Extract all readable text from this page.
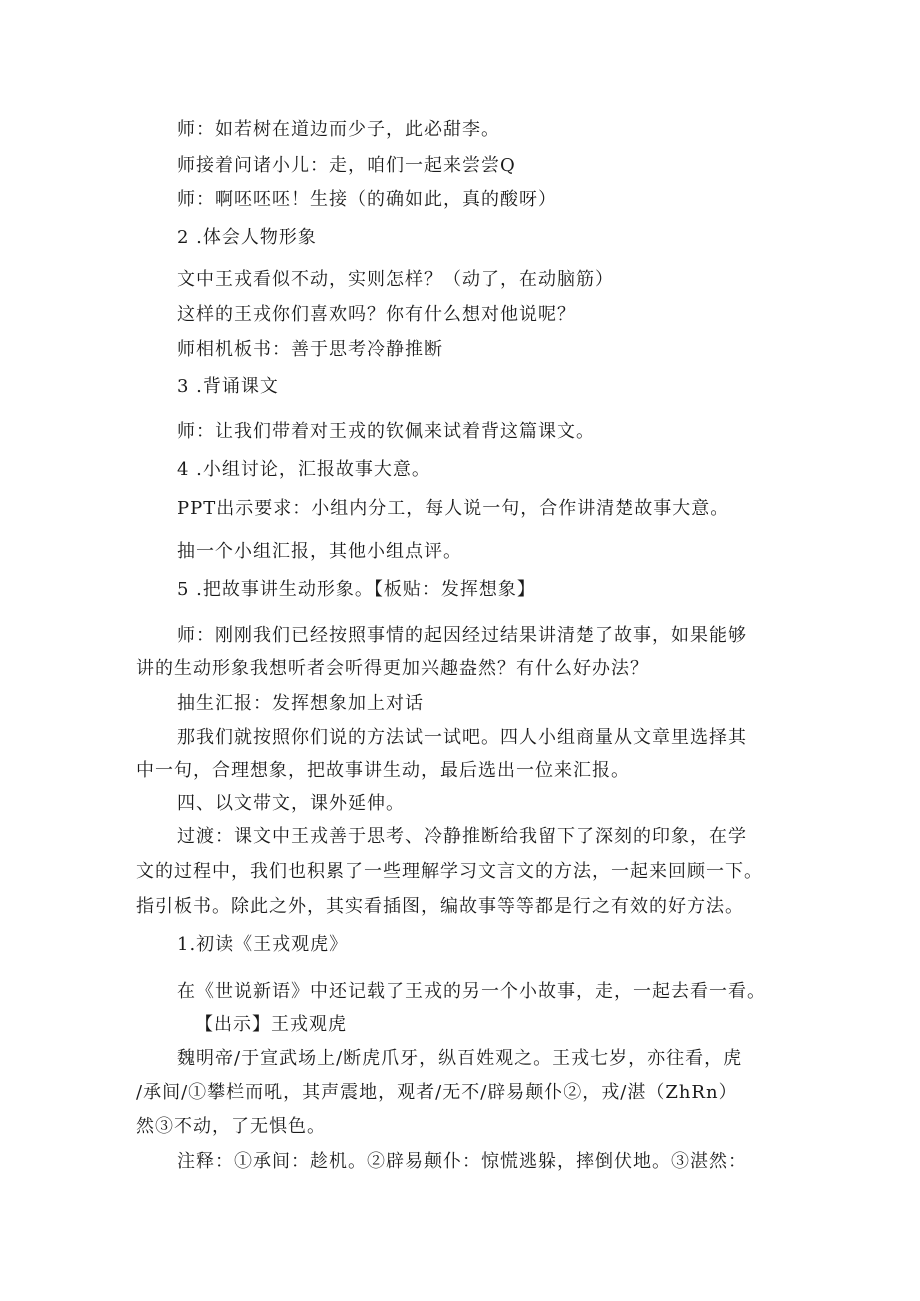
师：如若树在道边而少子，此必甜李。
师接着问诸小儿：走，咱们一起来尝尝Q
师：啊呸呸呸！生接（的确如此，真的酸呀）
2 .体会人物形象
文中王戎看似不动，实则怎样？（动了，在动脑筋）
这样的王戎你们喜欢吗？你有什么想对他说呢？
师相机板书：善于思考冷静推断
3 .背诵课文
师：让我们带着对王戎的钦佩来试着背这篇课文。
4 .小组讨论，汇报故事大意。
PPT出示要求：小组内分工，每人说一句，合作讲清楚故事大意。
抽一个小组汇报，其他小组点评。
5 .把故事讲生动形象。【板贴：发挥想象】
师：刚刚我们已经按照事情的起因经过结果讲清楚了故事，如果能够
讲的生动形象我想听者会听得更加兴趣盎然？有什么好办法？
抽生汇报：发挥想象加上对话
那我们就按照你们说的方法试一试吧。四人小组商量从文章里选择其
中一句，合理想象，把故事讲生动，最后选出一位来汇报。
四、以文带文，课外延伸。
过渡：课文中王戎善于思考、冷静推断给我留下了深刻的印象，在学
文的过程中，我们也积累了一些理解学习文言文的方法，一起来回顾一下。
指引板书。除此之外，其实看插图，编故事等等都是行之有效的好方法。
1.初读《王戎观虎》
在《世说新语》中还记载了王戎的另一个小故事，走，一起去看一看。
【出示】王戎观虎
魏明帝/于宣武场上/断虎爪牙，纵百姓观之。王戎七岁，亦往看，虎
/承间/①攀栏而吼，其声震地，观者/无不/辟易颠仆②，戎/湛（ZhRn）
然③不动，了无惧色。
注释：①承间：趁机。②辟易颠仆：惊慌逃躲，摔倒伏地。③湛然：
